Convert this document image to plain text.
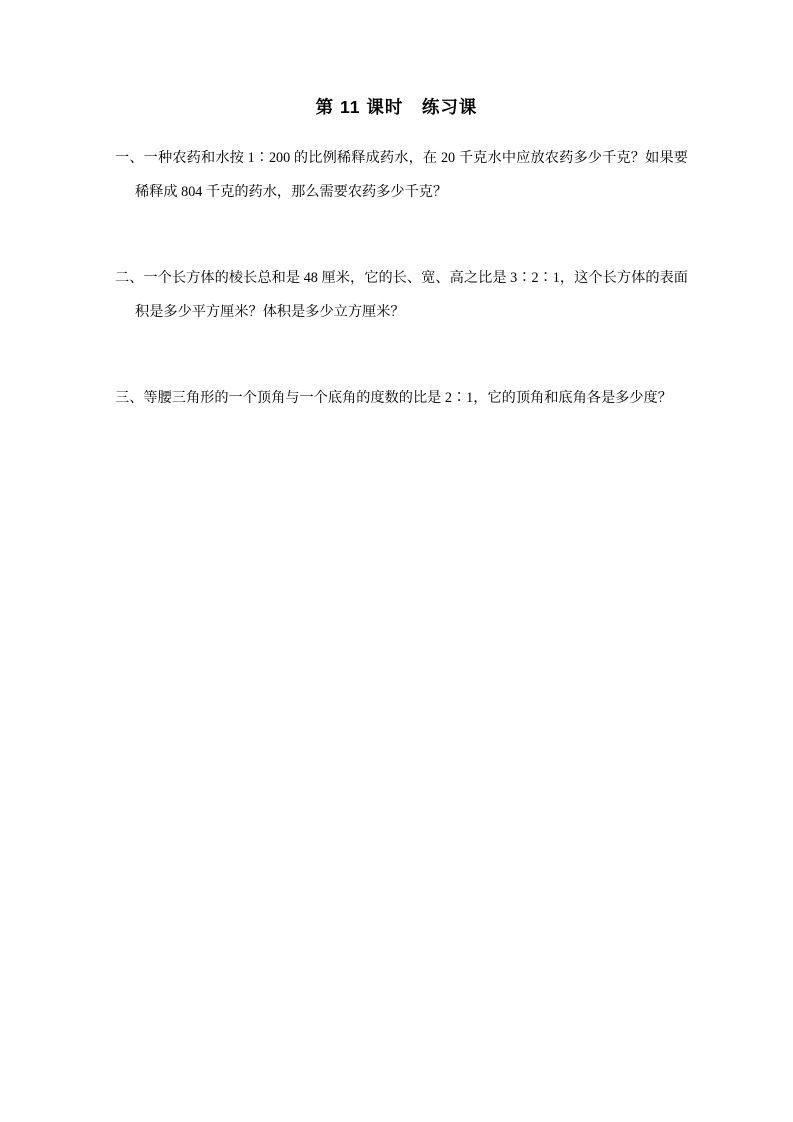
第 11 课时　练习课

一、一种农药和水按 1∶200 的比例稀释成药水，在 20 千克水中应放农药多少千克？如果要稀释成 804 千克的药水，那么需要农药多少千克？

二、一个长方体的棱长总和是 48 厘米，它的长、宽、高之比是 3∶2∶1，这个长方体的表面积是多少平方厘米？体积是多少立方厘米？

三、等腰三角形的一个顶角与一个底角的度数的比是 2∶1，它的顶角和底角各是多少度？
